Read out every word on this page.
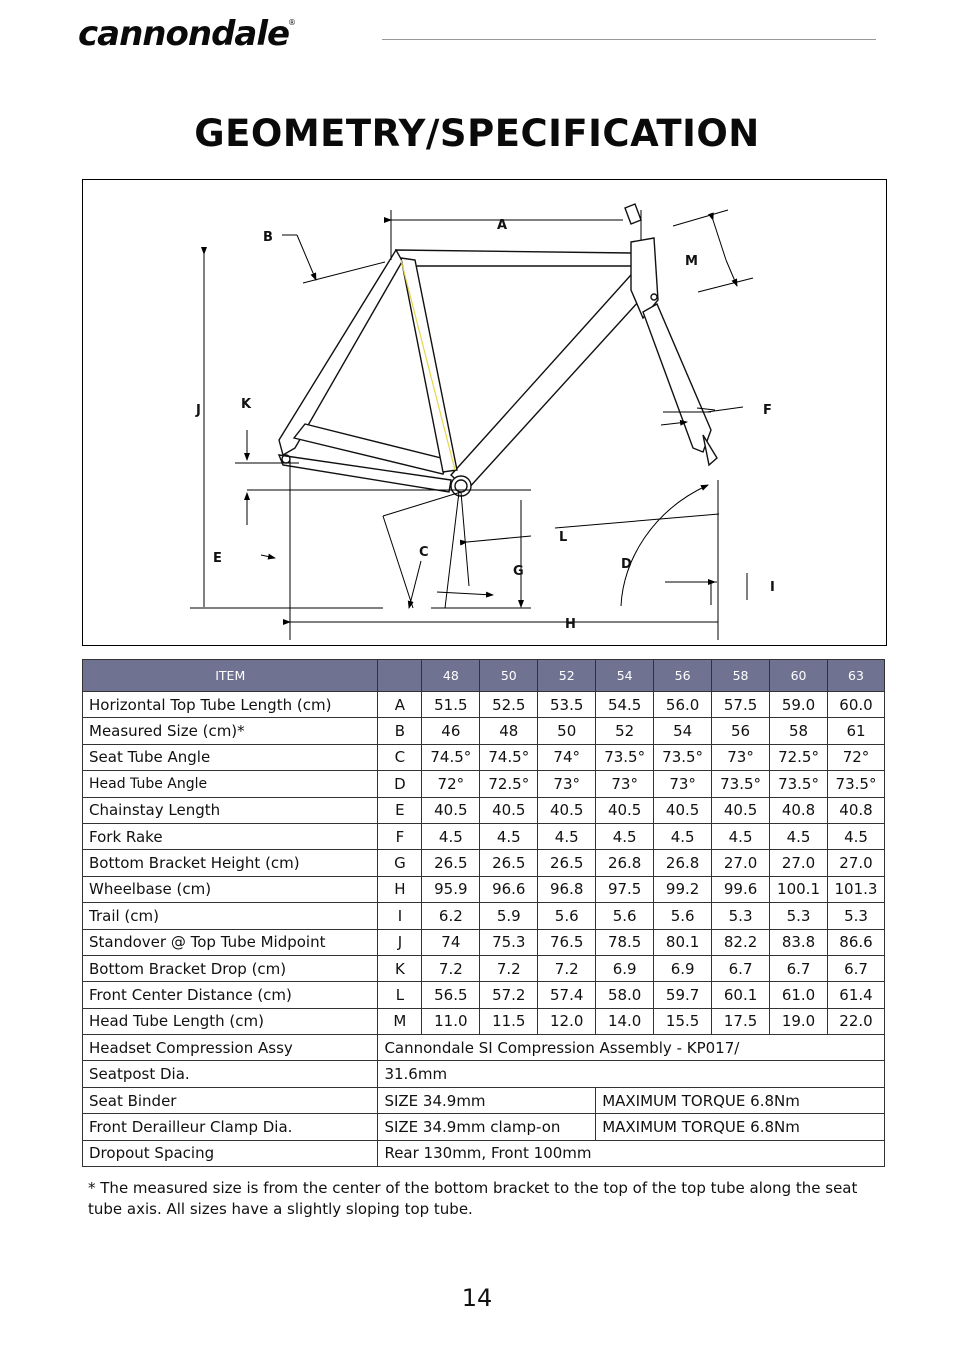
cannondale
®
GEOMETRY/SPECIFICATION
A
B
C
D
E
F
G
H
I
J	K
L
M
ITEM		48	50	52	54	56	58	60	63
Horizontal Top Tube Length (cm)	A	51.5	52.5	53.5	54.5	56.0	57.5	59.0	60.0
Measured Size (cm)*	B	46	48	50	52	54	56	58	61
Seat Tube Angle	C	74.5°	74.5°	74°	73.5°	73.5°	73°	72.5°	72°
Head Tube Angle	D	72°	72.5°	73°	73°	73°	73.5°	73.5°	73.5°
Chainstay Length	E	40.5	40.5	40.5	40.5	40.5	40.5	40.8	40.8
Fork Rake	F	4.5	4.5	4.5	4.5	4.5	4.5	4.5	4.5
Bottom Bracket Height (cm)	G	26.5	26.5	26.5	26.8	26.8	27.0	27.0	27.0
Wheelbase (cm)	H	95.9	96.6	96.8	97.5	99.2	99.6	100.1	101.3
Trail (cm)	I	6.2	5.9	5.6	5.6	5.6	5.3	5.3	5.3
Standover @ Top Tube Midpoint	J	74	75.3	76.5	78.5	80.1	82.2	83.8	86.6
Bottom Bracket Drop (cm)	K	7.2	7.2	7.2	6.9	6.9	6.7	6.7	6.7
Front Center Distance (cm)	L	56.5	57.2	57.4	58.0	59.7	60.1	61.0	61.4
Head Tube Length (cm)	M	11.0	11.5	12.0	14.0	15.5	17.5	19.0	22.0
Headset Compression Assy	Cannondale SI Compression Assembly - KP017/								
Seatpost Dia.	31.6mm								
Seat Binder	SIZE 34.9mm				MAXIMUM TORQUE 6.8Nm				
Front Derailleur Clamp Dia.	SIZE 34.9mm clamp-on				MAXIMUM TORQUE 6.8Nm				
Dropout Spacing	Rear 130mm, Front 100mm								
* The measured size is from the center of the bottom bracket to the top of the top tube along the seat tube axis. All sizes have a slightly sloping top tube.
14
